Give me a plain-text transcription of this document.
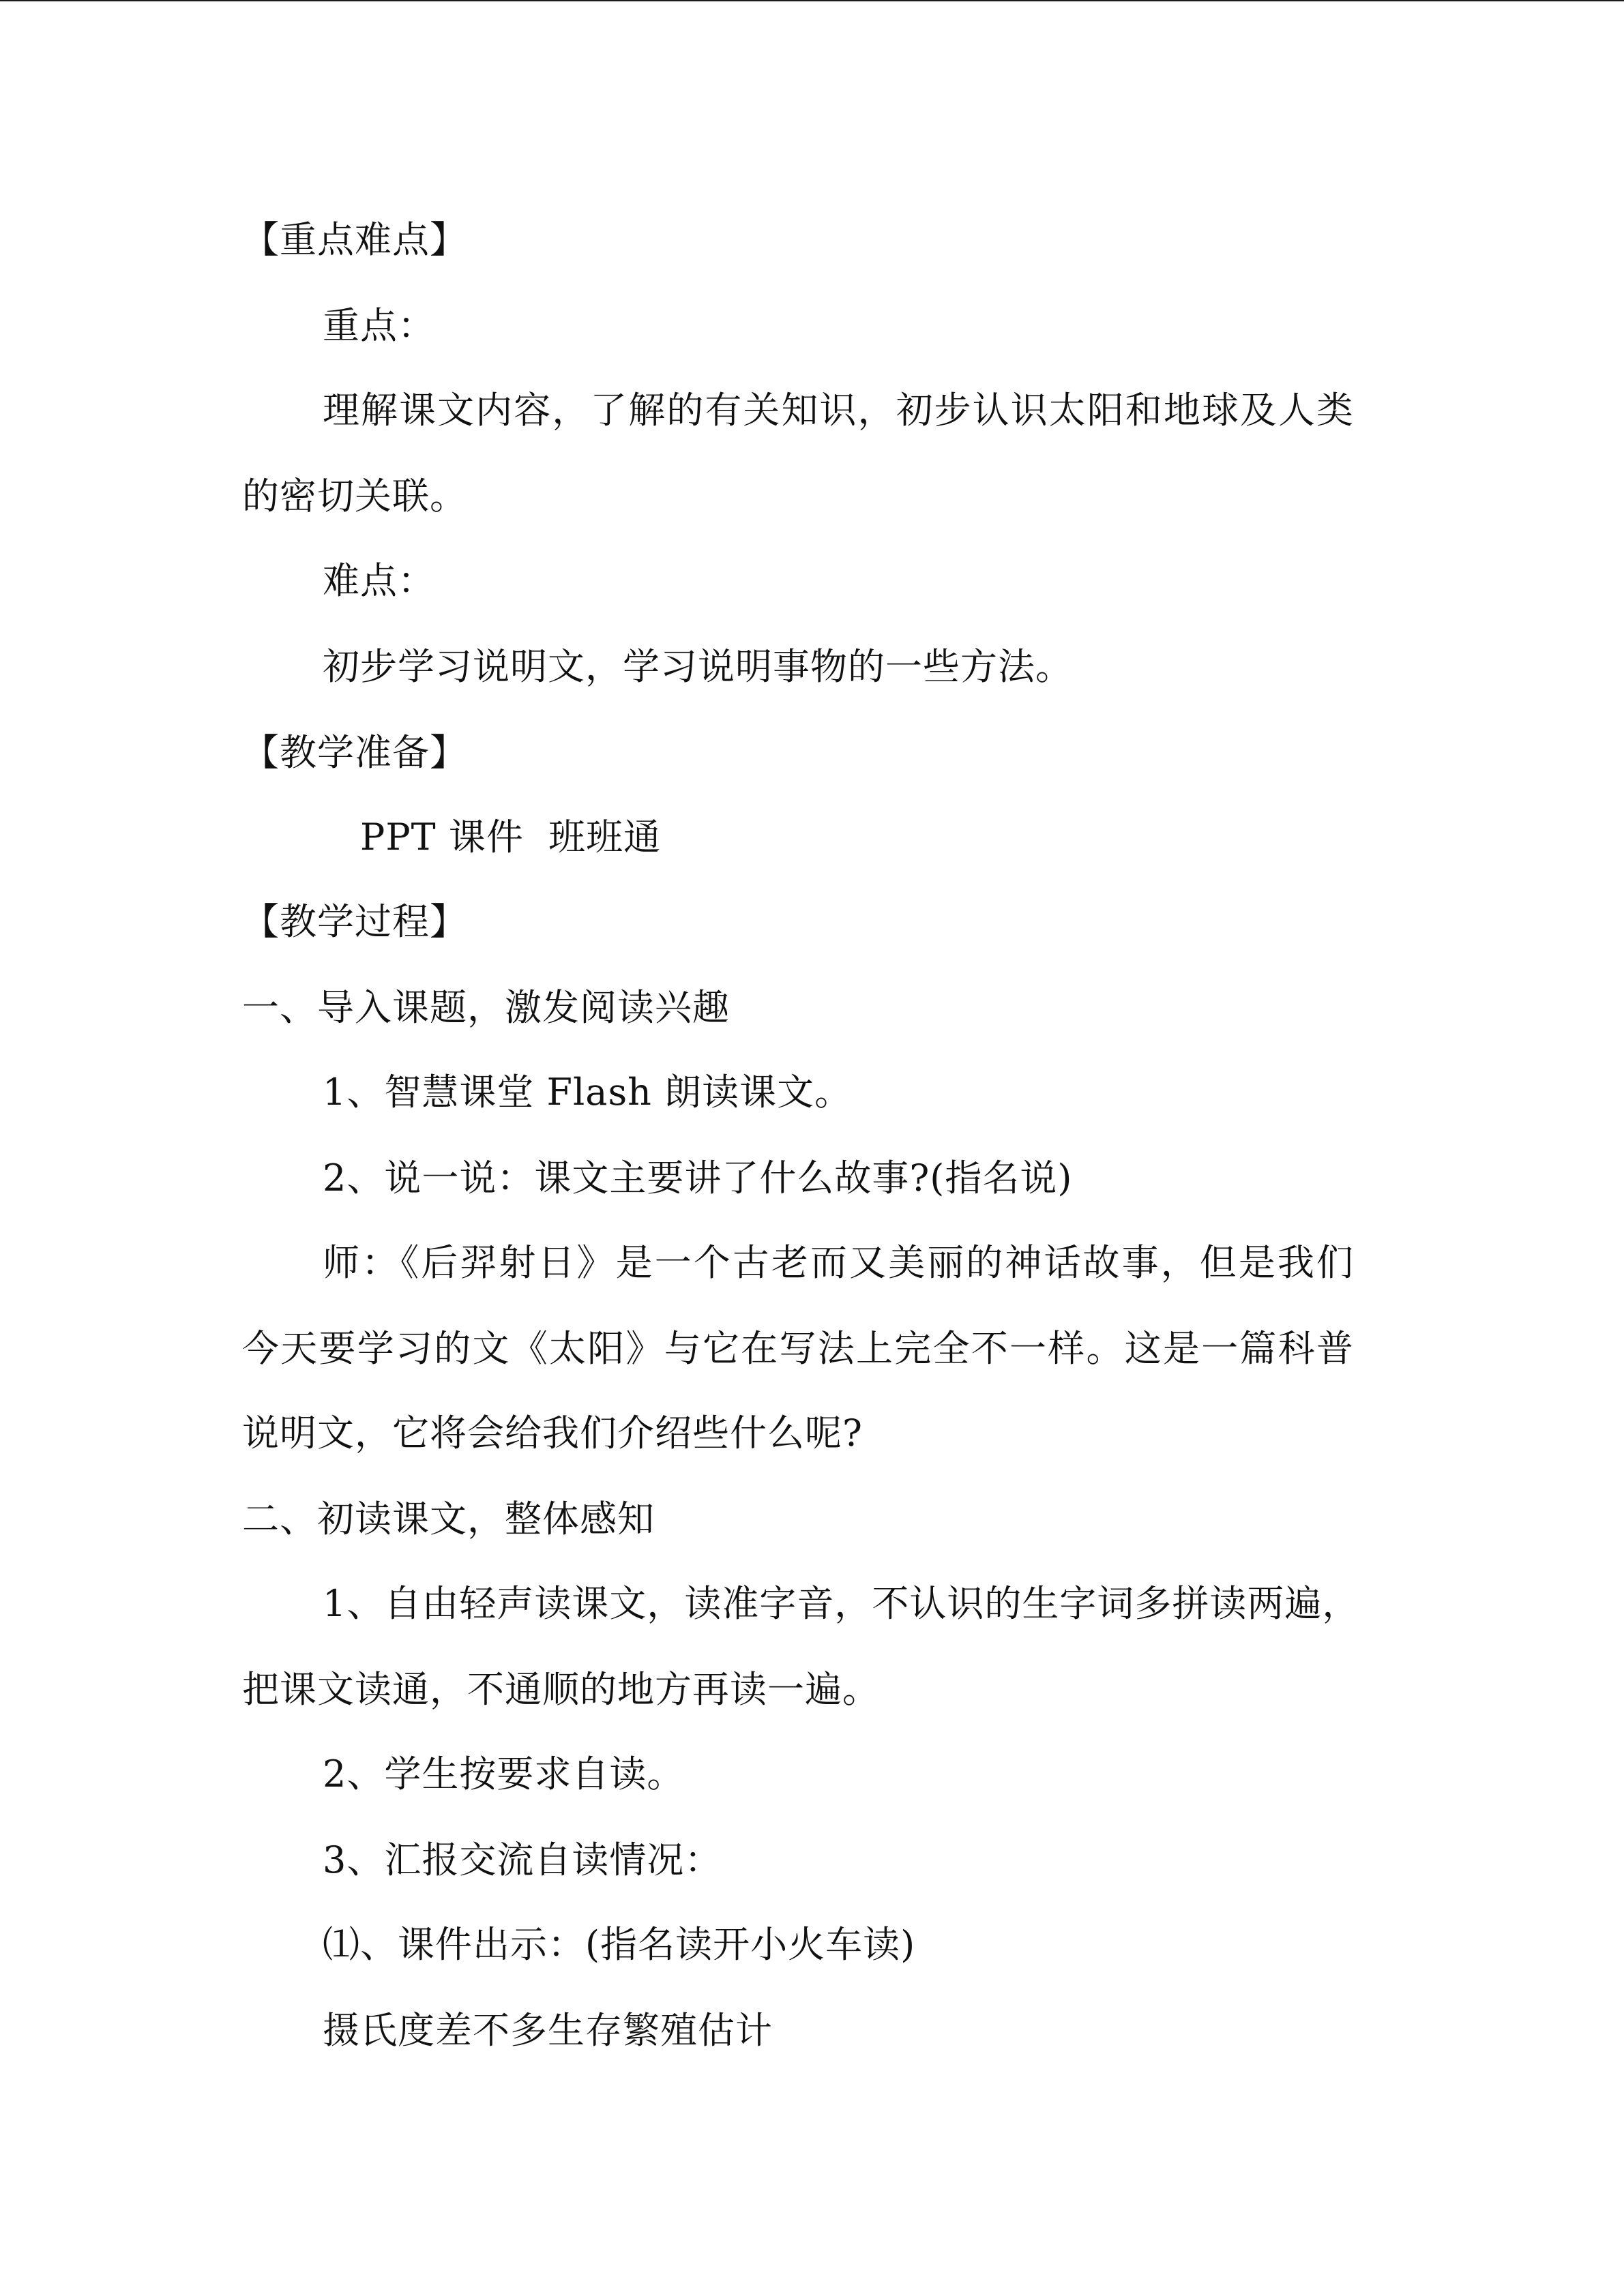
【重点难点】
重点：
理解课文内容，了解的有关知识，初步认识太阳和地球及人类
的密切关联。
难点：
初步学习说明文，学习说明事物的一些方法。
【教学准备】
PPT 课件  班班通
【教学过程】
一、导入课题，激发阅读兴趣
1、智慧课堂 Flash 朗读课文。
2、说一说：课文主要讲了什么故事?(指名说)
师：《后羿射日》是一个古老而又美丽的神话故事，但是我们
今天要学习的文《太阳》与它在写法上完全不一样。这是一篇科普
说明文，它将会给我们介绍些什么呢?
二、初读课文，整体感知
1、自由轻声读课文，读准字音，不认识的生字词多拼读两遍，
把课文读通，不通顺的地方再读一遍。
2、学生按要求自读。
3、汇报交流自读情况：
⑴、课件出示：(指名读开小火车读)
摄氏度差不多生存繁殖估计
